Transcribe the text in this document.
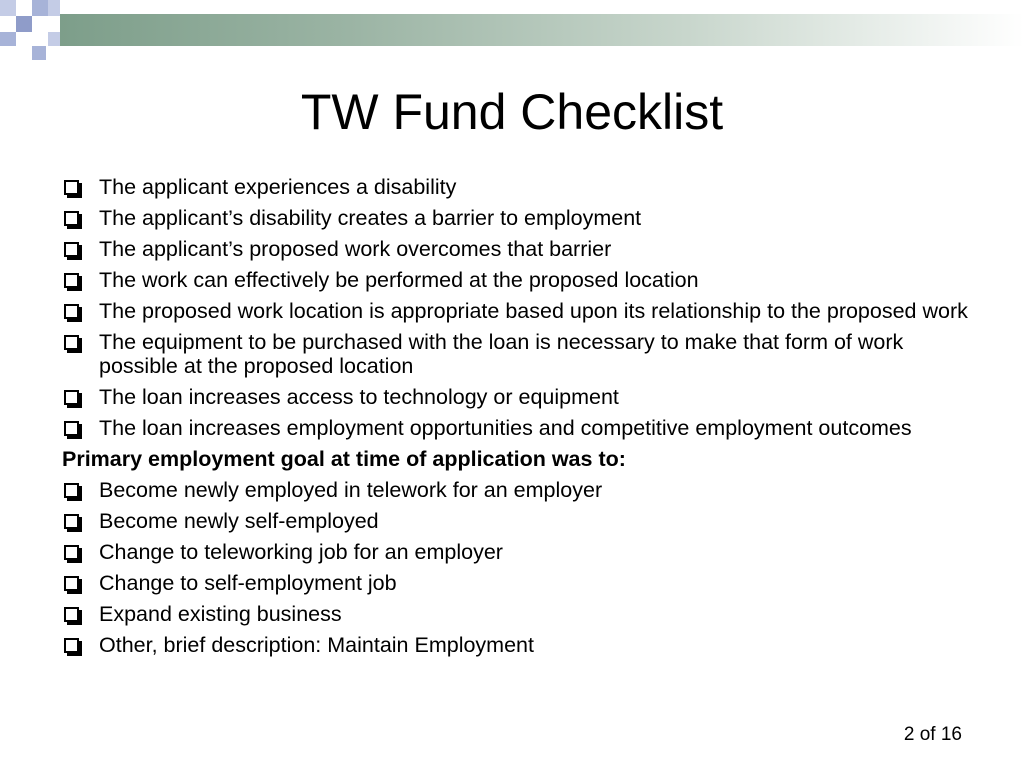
TW Fund Checklist
The applicant experiences a disability
The applicant’s disability creates a barrier to employment
The applicant’s proposed work overcomes that barrier
The work can effectively be performed at the proposed location
The proposed work location is appropriate based upon its relationship to the proposed work
The equipment to be purchased with the loan is necessary to make that form of work possible at the proposed location
The loan increases access to technology or equipment
The loan increases employment opportunities and competitive employment outcomes
Primary employment goal at time of application was to:
Become newly employed in telework for an employer
Become newly self-employed
Change to teleworking job for an employer
Change to self-employment job
Expand existing business
Other, brief description: Maintain Employment
2 of 16
